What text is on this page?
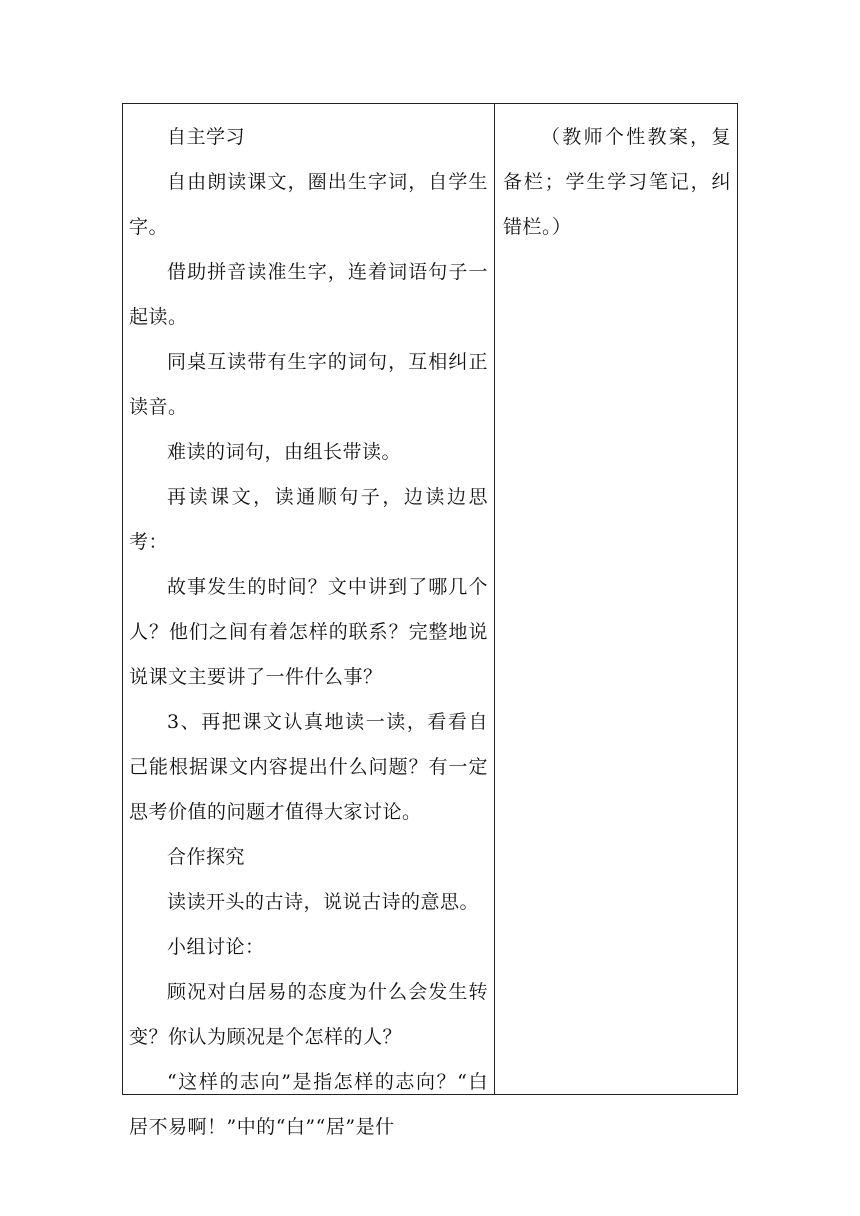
自主学习

自由朗读课文，圈出生字词，自学生字。

借助拼音读准生字，连着词语句子一起读。

同桌互读带有生字的词句，互相纠正读音。

难读的词句，由组长带读。

再读课文，读通顺句子，边读边思考：

故事发生的时间？文中讲到了哪几个人？他们之间有着怎样的联系？完整地说说课文主要讲了一件什么事？

3、再把课文认真地读一读，看看自己能根据课文内容提出什么问题？有一定思考价值的问题才值得大家讨论。

合作探究

读读开头的古诗，说说古诗的意思。

小组讨论：

顾况对白居易的态度为什么会发生转变？你认为顾况是个怎样的人？

“这样的志向”是指怎样的志向？“白居不易啊！”中的“白”“居”是什

（教师个性教案，复备栏；学生学习笔记，纠错栏。）
